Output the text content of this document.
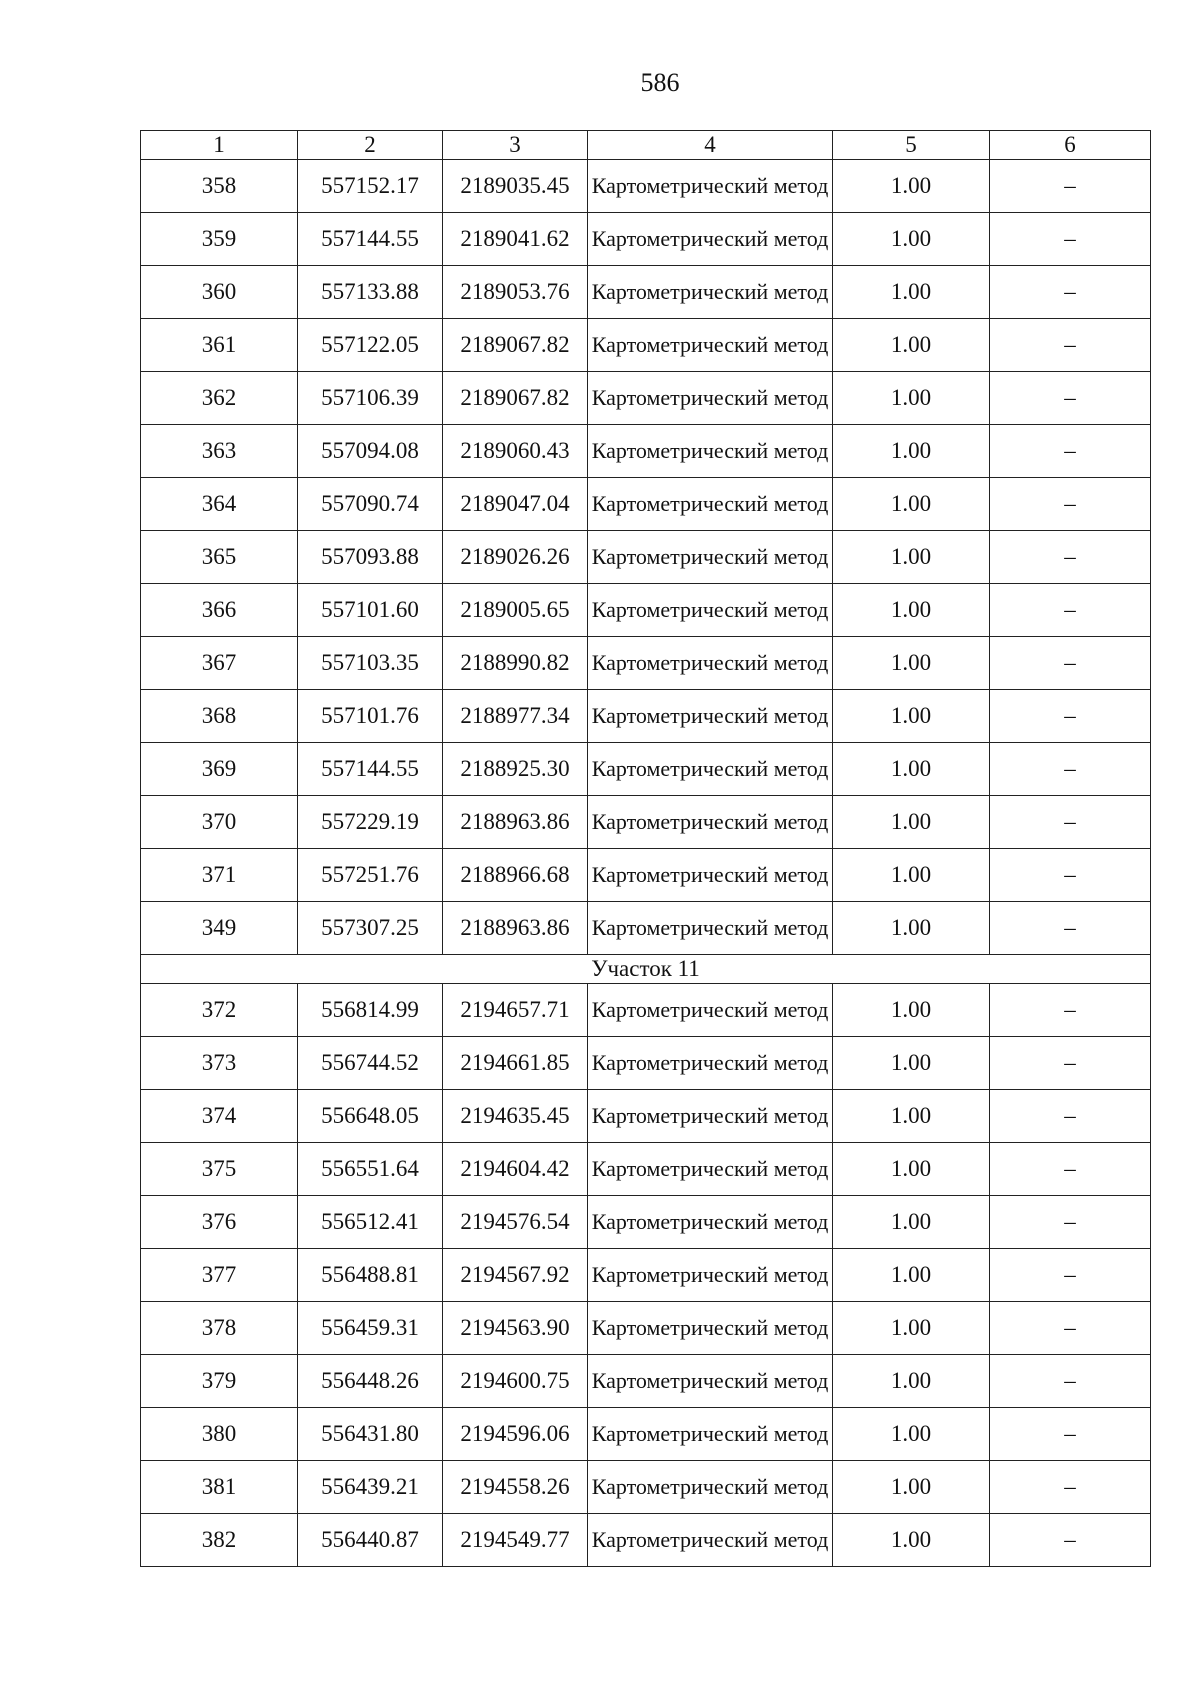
586
1	2	3	4	5	6
358	557152.17	2189035.45	Картометрический метод	1.00	–
359	557144.55	2189041.62	Картометрический метод	1.00	–
360	557133.88	2189053.76	Картометрический метод	1.00	–
361	557122.05	2189067.82	Картометрический метод	1.00	–
362	557106.39	2189067.82	Картометрический метод	1.00	–
363	557094.08	2189060.43	Картометрический метод	1.00	–
364	557090.74	2189047.04	Картометрический метод	1.00	–
365	557093.88	2189026.26	Картометрический метод	1.00	–
366	557101.60	2189005.65	Картометрический метод	1.00	–
367	557103.35	2188990.82	Картометрический метод	1.00	–
368	557101.76	2188977.34	Картометрический метод	1.00	–
369	557144.55	2188925.30	Картометрический метод	1.00	–
370	557229.19	2188963.86	Картометрический метод	1.00	–
371	557251.76	2188966.68	Картометрический метод	1.00	–
349	557307.25	2188963.86	Картометрический метод	1.00	–
Участок 11					
372	556814.99	2194657.71	Картометрический метод	1.00	–
373	556744.52	2194661.85	Картометрический метод	1.00	–
374	556648.05	2194635.45	Картометрический метод	1.00	–
375	556551.64	2194604.42	Картометрический метод	1.00	–
376	556512.41	2194576.54	Картометрический метод	1.00	–
377	556488.81	2194567.92	Картометрический метод	1.00	–
378	556459.31	2194563.90	Картометрический метод	1.00	–
379	556448.26	2194600.75	Картометрический метод	1.00	–
380	556431.80	2194596.06	Картометрический метод	1.00	–
381	556439.21	2194558.26	Картометрический метод	1.00	–
382	556440.87	2194549.77	Картометрический метод	1.00	–
